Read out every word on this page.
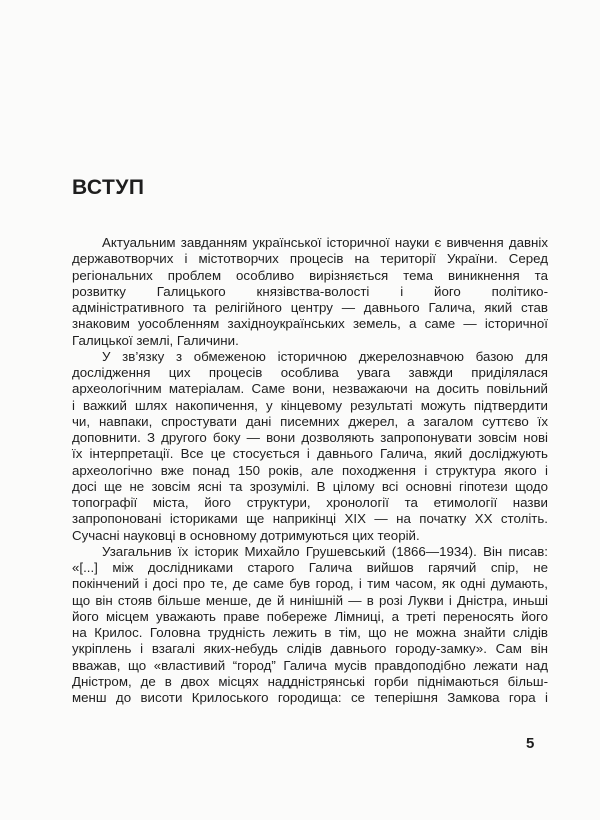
ВСТУП
Актуальним завданням української історичної науки є вивчення давніх
державотворчих і містотворчих процесів на території України. Серед
регіональних проблем особливо вирізняється тема виникнення та
розвитку Галицького князівства-волості і його політико-
адміністративного та релігійного центру — давнього Галича, який став
знаковим уособленням західноукраїнських земель, а саме — історичної
Галицької землі, Галичини.
У зв’язку з обмеженою історичною джерелознавчою базою для
дослідження цих процесів особлива увага завжди приділялася
археологічним матеріалам. Саме вони, незважаючи на досить повільний
і важкий шлях накопичення, у кінцевому результаті можуть підтвердити
чи, навпаки, спростувати дані писемних джерел, а загалом суттєво їх
доповнити. З другого боку — вони дозволяють запропонувати зовсім нові
їх інтерпретації. Все це стосується і давнього Галича, який досліджують
археологічно вже понад 150 років, але походження і структура якого і
досі ще не зовсім ясні та зрозумілі. В цілому всі основні гіпотези щодо
топографії міста, його структури, хронології та етимології назви
запропоновані істориками ще наприкінці XIX — на початку XX століть.
Сучасні науковці в основному дотримуються цих теорій.
Узагальнив їх історик Михайло Грушевський (1866—1934). Він писав:
«[...] між дослідниками старого Галича вийшов гарячий спір, не
покінчений і досі про те, де саме був город, і тим часом, як одні думають,
що він стояв більше менше, де й нинішній — в розі Лукви і Дністра, иньші
його місцем уважають праве побереже Лімниці, а треті переносять його
на Крилос. Головна трудність лежить в тім, що не можна знайти слідів
укріплень і взагалі яких-небудь слідів давнього городу-замку». Сам він
вважав, що «властивий “город” Галича мусів правдоподібно лежати над
Дністром, де в двох місцях наддністрянські горби піднімаються більш-
менш до висоти Крилоського городища: се теперішня Замкова гора і
5
